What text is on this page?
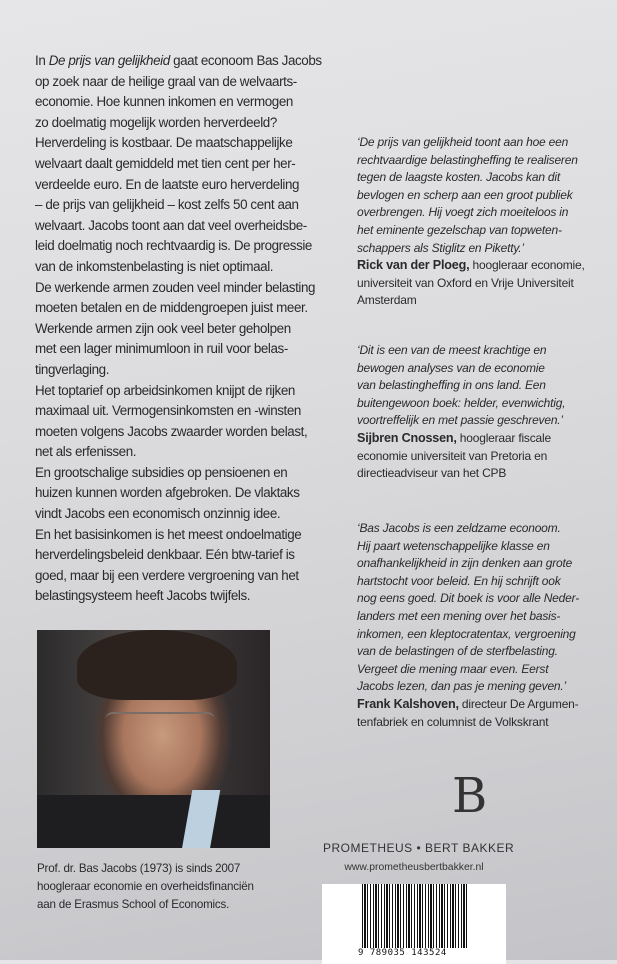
In De prijs van gelijkheid gaat econoom Bas Jacobs
op zoek naar de heilige graal van de welvaarts-
economie. Hoe kunnen inkomen en vermogen
zo doelmatig mogelijk worden herverdeeld?
Herverdeling is kostbaar. De maatschappelijke
welvaart daalt gemiddeld met tien cent per her-
verdeelde euro. En de laatste euro herverdeling
– de prijs van gelijkheid – kost zelfs 50 cent aan
welvaart. Jacobs toont aan dat veel overheidsbe-
leid doelmatig noch rechtvaardig is. De progressie
van de inkomstenbelasting is niet optimaal.
De werkende armen zouden veel minder belasting
moeten betalen en de middengroepen juist meer.
Werkende armen zijn ook veel beter geholpen
met een lager minimumloon in ruil voor belas-
tingverlaging.
Het toptarief op arbeidsinkomen knijpt de rijken
maximaal uit. Vermogensinkomsten en -winsten
moeten volgens Jacobs zwaarder worden belast,
net als erfenissen.
En grootschalige subsidies op pensioenen en
huizen kunnen worden afgebroken. De vlaktaks
vindt Jacobs een economisch onzinnig idee.
En het basisinkomen is het meest ondoelmatige
herverdelingsbeleid denkbaar. Eén btw-tarief is
goed, maar bij een verdere vergroening van het
belastingsysteem heeft Jacobs twijfels.
‘De prijs van gelijkheid toont aan hoe een
rechtvaardige belastingheffing te realiseren
tegen de laagste kosten. Jacobs kan dit
bevlogen en scherp aan een groot publiek
overbrengen. Hij voegt zich moeiteloos in
het eminente gezelschap van topweten-
schappers als Stiglitz en Piketty.’
Rick van der Ploeg, hoogleraar economie,
universiteit van Oxford en Vrije Universiteit
Amsterdam
‘Dit is een van de meest krachtige en
bewogen analyses van de economie
van belastingheffing in ons land. Een
buitengewoon boek: helder, evenwichtig,
voortreffelijk en met passie geschreven.’
Sijbren Cnossen, hoogleraar fiscale
economie universiteit van Pretoria en
directieadviseur van het CPB
‘Bas Jacobs is een zeldzame econoom.
Hij paart wetenschappelijke klasse en
onafhankelijkheid in zijn denken aan grote
hartstocht voor beleid. En hij schrijft ook
nog eens goed. Dit boek is voor alle Neder-
landers met een mening over het basis-
inkomen, een kleptocratentax, vergroening
van de belastingen of de sterfbelasting.
Vergeet die mening maar even. Eerst
Jacobs lezen, dan pas je mening geven.’
Frank Kalshoven, directeur De Argumen-
tenfabriek en columnist de Volkskrant
Prof. dr. Bas Jacobs (1973) is sinds 2007
hoogleraar economie en overheidsfinanciën
aan de Erasmus School of Economics.
B
PROMETHEUS • BERT BAKKER
www.prometheusbertbakker.nl
9 789035 143524
